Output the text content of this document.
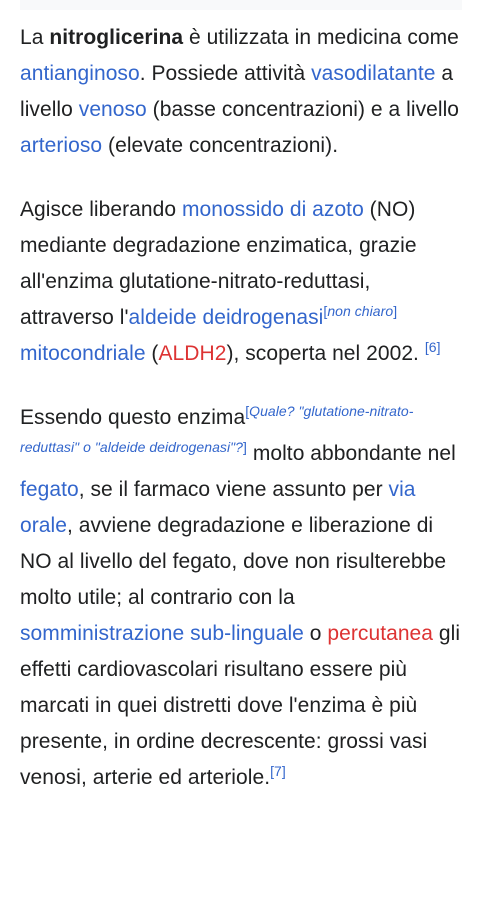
La nitroglicerina è utilizzata in medicina come antianginoso. Possiede attività vasodilatante a livello venoso (basse concentrazioni) e a livello arterioso (elevate concentrazioni).

Agisce liberando monossido di azoto (NO) mediante degradazione enzimatica, grazie all'enzima glutatione-nitrato-reduttasi, attraverso l'aldeide deidrogenasi[non chiaro] mitocondriale (ALDH2), scoperta nel 2002. [6]

Essendo questo enzima[Quale? "glutatione-nitrato-reduttasi" o "aldeide deidrogenasi"?] molto abbondante nel fegato, se il farmaco viene assunto per via orale, avviene degradazione e liberazione di NO al livello del fegato, dove non risulterebbe molto utile; al contrario con la somministrazione sub-linguale o percutanea gli effetti cardiovascolari risultano essere più marcati in quei distretti dove l'enzima è più presente, in ordine decrescente: grossi vasi venosi, arterie ed arteriole.[7]
